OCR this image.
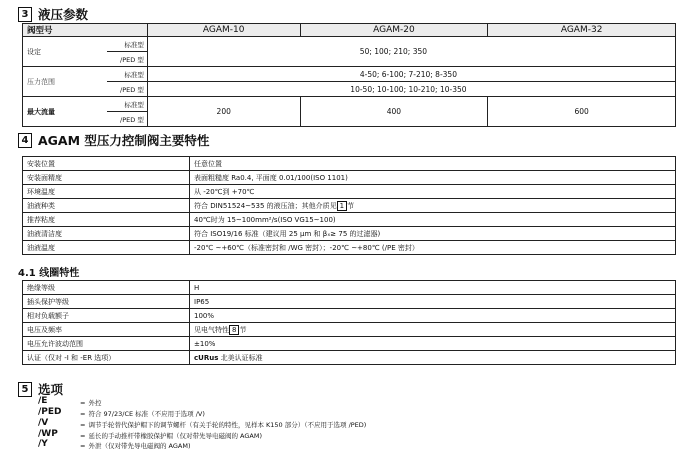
3 液压参数
阀型号		AGAM-10	AGAM-20	AGAM-32
设定	标准型	50; 100; 210; 350		
	/PED 型			
压力范围	标准型	4-50; 6-100; 7-210; 8-350		
	/PED 型	10-50; 10-100; 10-210; 10-350		
最大流量	标准型	200	400	600
	/PED 型			
4 AGAM 型压力控制阀主要特性
安装位置	任意位置
安装面精度	表面粗糙度 Ra0.4, 平面度 0.01/100(ISO 1101)
环境温度	从 -20℃到 +70℃
油液种类	符合 DIN51524~535 的液压油；其他介质见 1 节
推荐粘度	40℃时为 15~100mm²/s(ISO VG15~100)
油液清洁度	符合 ISO19/16 标准（建议用 25 μm 和 βₓ≥ 75 的过滤器)
油液温度	-20℃ ~+60℃（标准密封和 /WG 密封）；-20℃ ~+80℃ (/PE 密封）
4.1 线圈特性
绝缘等级	H
插头保护等级	IP65
相对负载额子	100%
电压及频率	见电气特性 8 节
电压允许波动范围	±10%
认证（仅对 -I 和 -ER 选项）	cURus 北美认证标准
5 选项
/E	= 外控
/PED	= 符合 97/23/CE 标准（不应用于选项 /V)
/V	= 调节手轮替代保护帽下的调节螺杆（有关手轮的特性，见样本 K150 部分）（不应用于选项 /PED)
/WP	= 延长的手动推杆带橡胶保护帽（仅对带先导电磁阀的 AGAM)
/Y	= 外泄（仅对带先导电磁阀的 AGAM)
